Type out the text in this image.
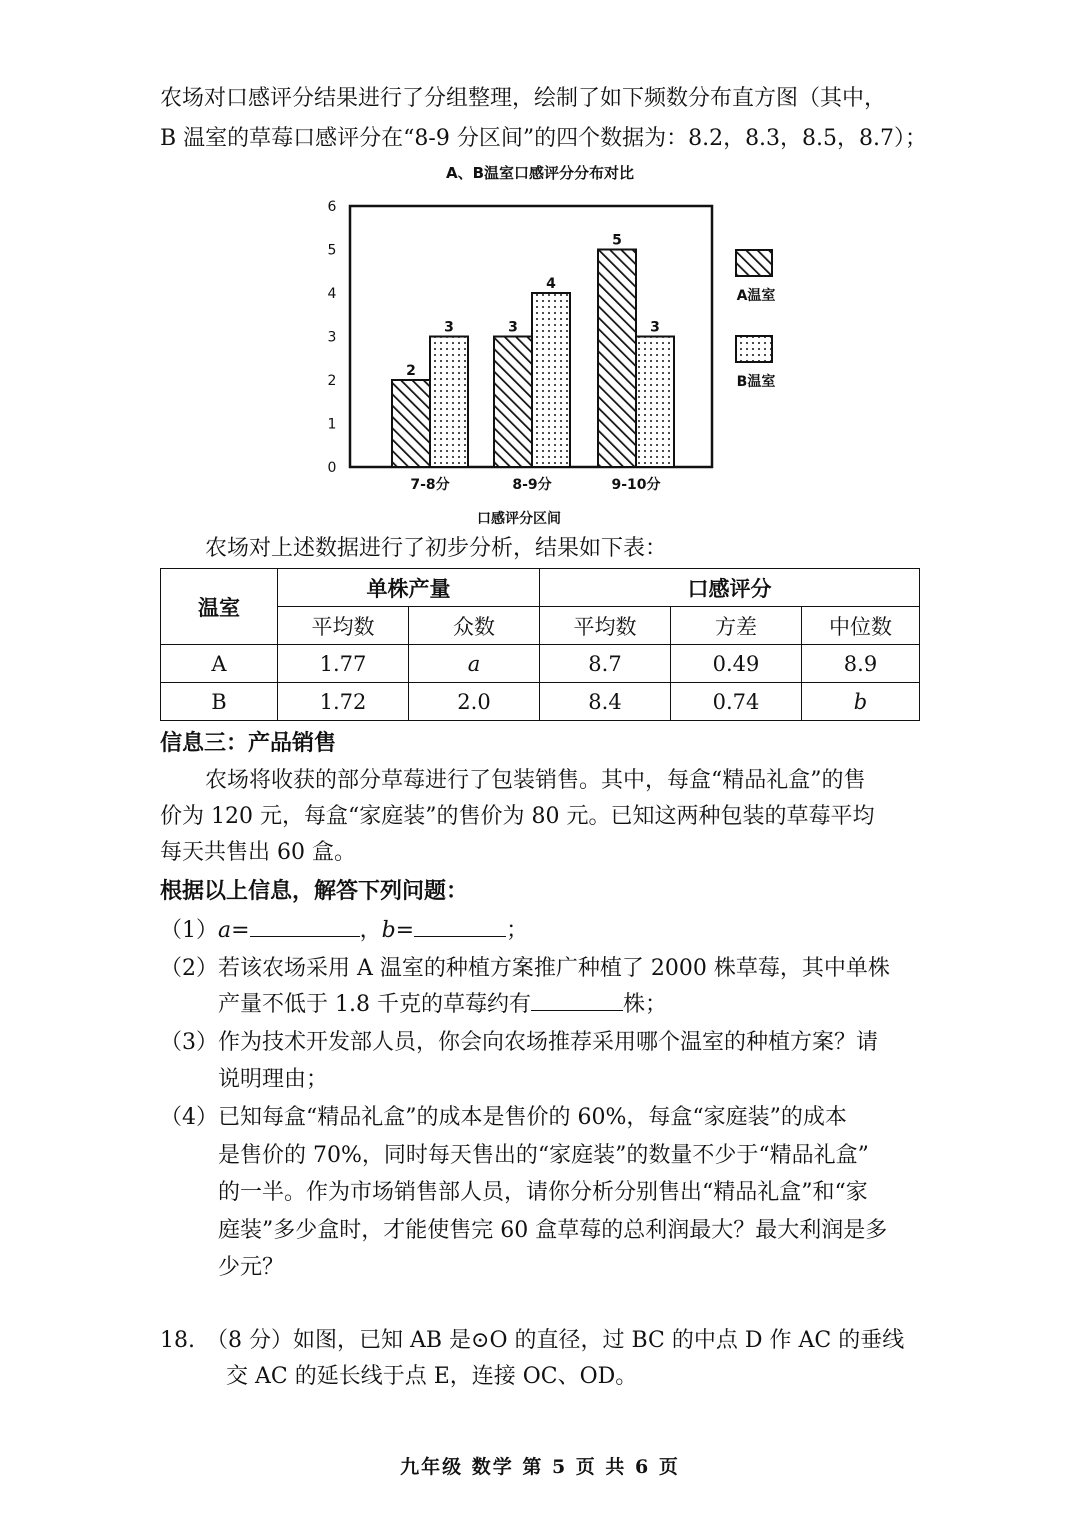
农场对口感评分结果进行了分组整理，绘制了如下频数分布直方图（其中，
B 温室的草莓口感评分在“8-9 分区间”的四个数据为：8.2，8.3，8.5，8.7）；
A、B温室口感评分分布对比
0
1
2
3
4
5
6
2
3
7-8分
3
4
8-9分
5
3
9-10分
口感评分区间
A温室
B温室
农场对上述数据进行了初步分析，结果如下表：
温室	单株产量		口感评分		
	平均数	众数	平均数	方差	中位数
A	1.77	a	8.7	0.49	8.9
B	1.72	2.0	8.4	0.74	b
信息三：产品销售
农场将收获的部分草莓进行了包装销售。其中，每盒“精品礼盒”的售
价为 120 元，每盒“家庭装”的售价为 80 元。已知这两种包装的草莓平均
每天共售出 60 盒。
根据以上信息，解答下列问题：
（1）a=	，b=	；
（2）若该农场采用 A 温室的种植方案推广种植了 2000 株草莓，其中单株
产量不低于 1.8 千克的草莓约有	株；
（3）作为技术开发部人员，你会向农场推荐采用哪个温室的种植方案？请
说明理由；
（4）已知每盒“精品礼盒”的成本是售价的 60%，每盒“家庭装”的成本
是售价的 70%，同时每天售出的“家庭装”的数量不少于“精品礼盒”
的一半。作为市场销售部人员，请你分析分别售出“精品礼盒”和“家
庭装”多少盒时，才能使售完 60 盒草莓的总利润最大？最大利润是多
少元？
18.　（8 分）如图，已知 AB 是⊙O 的直径，过 BC 的中点 D 作 AC 的垂线
交 AC 的延长线于点 E，连接 OC、OD。
九年级 数学 第 5 页 共 6 页
